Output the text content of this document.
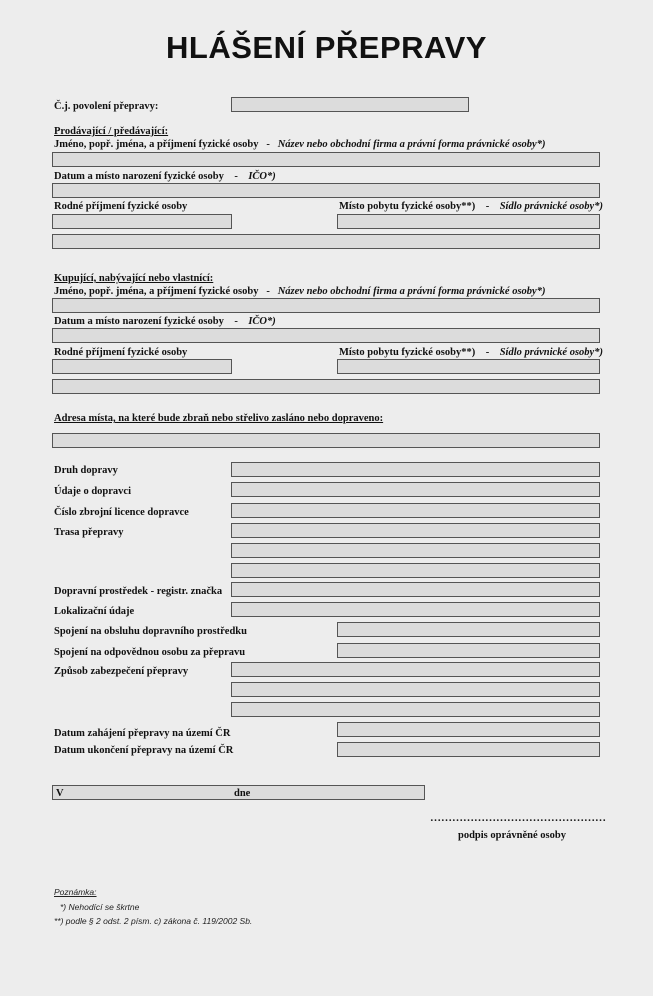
HLÁŠENÍ PŘEPRAVY
Č.j. povolení přepravy:
Prodávající / předávající:
Jméno, popř. jména, a příjmení fyzické osoby - Název nebo obchodní firma a právní forma právnické osoby*)
Datum a místo narození fyzické osoby - IČO*)
Rodné příjmení fyzické osoby	Místo pobytu fyzické osoby**) - Sídlo právnické osoby*)
Kupující, nabývající nebo vlastnící:
Jméno, popř. jména, a příjmení fyzické osoby - Název nebo obchodní firma a právní forma právnické osoby*)
Datum a místo narození fyzické osoby - IČO*)
Rodné příjmení fyzické osoby	Místo pobytu fyzické osoby**) - Sídlo právnické osoby*)
Adresa místa, na které bude zbraň nebo střelivo zasláno nebo dopraveno:
Druh dopravy
Údaje o dopravci
Číslo zbrojní licence dopravce
Trasa přepravy
Dopravní prostředek - registr. značka
Lokalizační údaje
Spojení na obsluhu dopravního prostředku
Spojení na odpovědnou osobu za přepravu
Způsob zabezpečení přepravy
Datum zahájení přepravy na území ČR
Datum ukončení přepravy na území ČR
V	dne
…………………………………………
podpis oprávněné osoby
Poznámka:
*) Nehodící se škrtne
**) podle § 2 odst. 2 písm. c) zákona č. 119/2002 Sb.
